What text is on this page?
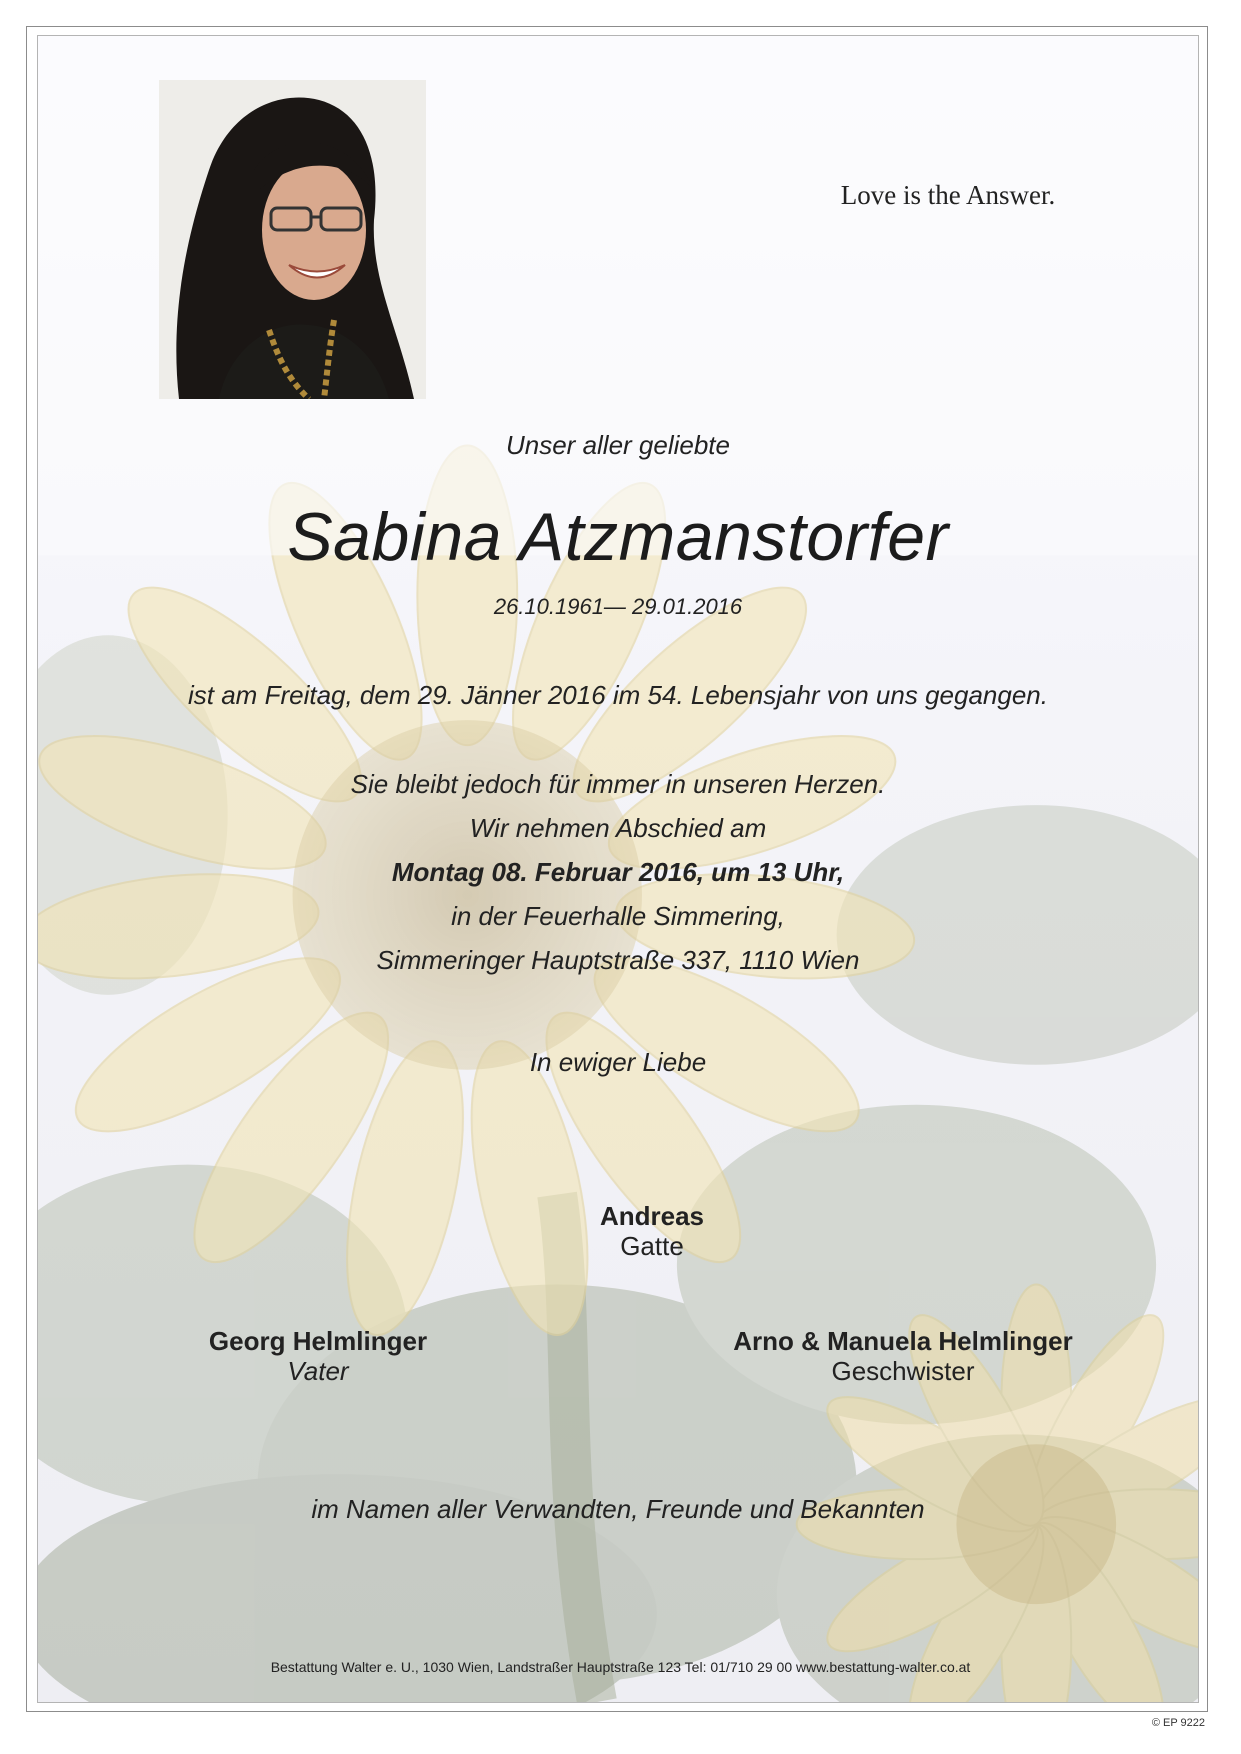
Love is the Answer.
Unser aller geliebte
Sabina Atzmanstorfer
26.10.1961— 29.01.2016
ist am Freitag, dem 29. Jänner 2016 im 54. Lebensjahr von uns gegangen.
Sie bleibt jedoch für immer in unseren Herzen.
Wir nehmen Abschied am
Montag 08. Februar 2016, um 13 Uhr,
in der Feuerhalle Simmering,
Simmeringer Hauptstraße 337, 1110 Wien
In ewiger Liebe
Andreas
Gatte
Georg Helmlinger
Vater
Arno & Manuela Helmlinger
Geschwister
im Namen aller Verwandten, Freunde und Bekannten
Bestattung Walter e. U., 1030 Wien, Landstraßer Hauptstraße 123 Tel: 01/710 29 00 www.bestattung-walter.co.at
© EP 9222
